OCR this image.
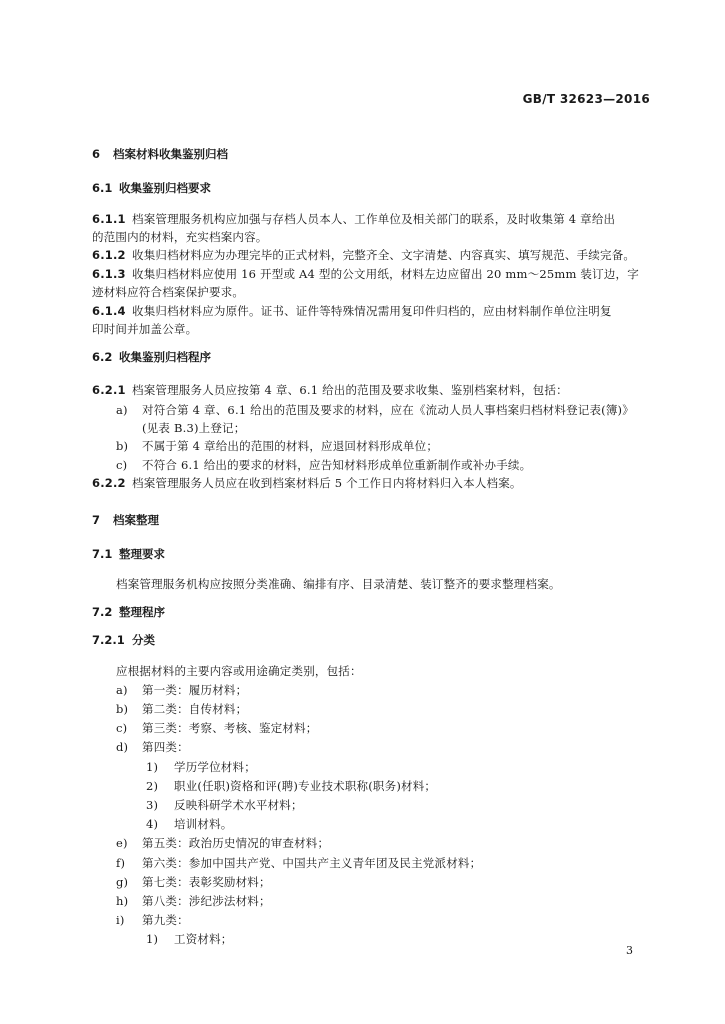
GB/T 32623—2016
6 档案材料收集鉴别归档
6.1 收集鉴别归档要求
6.1.1 档案管理服务机构应加强与存档人员本人、工作单位及相关部门的联系，及时收集第 4 章给出
的范围内的材料，充实档案内容。
6.1.2 收集归档材料应为办理完毕的正式材料，完整齐全、文字清楚、内容真实、填写规范、手续完备。
6.1.3 收集归档材料应使用 16 开型或 A4 型的公文用纸，材料左边应留出 20 mm～25mm 装订边，字
迹材料应符合档案保护要求。
6.1.4 收集归档材料应为原件。证书、证件等特殊情况需用复印件归档的，应由材料制作单位注明复
印时间并加盖公章。
6.2 收集鉴别归档程序
6.2.1 档案管理服务人员应按第 4 章、6.1 给出的范围及要求收集、鉴别档案材料，包括：
a) 对符合第 4 章、6.1 给出的范围及要求的材料，应在《流动人员人事档案归档材料登记表(簿)》
(见表 B.3)上登记；
b) 不属于第 4 章给出的范围的材料，应退回材料形成单位；
c) 不符合 6.1 给出的要求的材料，应告知材料形成单位重新制作或补办手续。
6.2.2 档案管理服务人员应在收到档案材料后 5 个工作日内将材料归入本人档案。
7 档案整理
7.1 整理要求
档案管理服务机构应按照分类准确、编排有序、目录清楚、装订整齐的要求整理档案。
7.2 整理程序
7.2.1 分类
应根据材料的主要内容或用途确定类别，包括：
a) 第一类：履历材料；
b) 第二类：自传材料；
c) 第三类：考察、考核、鉴定材料；
d) 第四类：
1) 学历学位材料；
2) 职业(任职)资格和评(聘)专业技术职称(职务)材料；
3) 反映科研学术水平材料；
4) 培训材料。
e) 第五类：政治历史情况的审查材料；
f) 第六类：参加中国共产党、中国共产主义青年团及民主党派材料；
g) 第七类：表彰奖励材料；
h) 第八类：涉纪涉法材料；
i) 第九类：
1) 工资材料；
3
